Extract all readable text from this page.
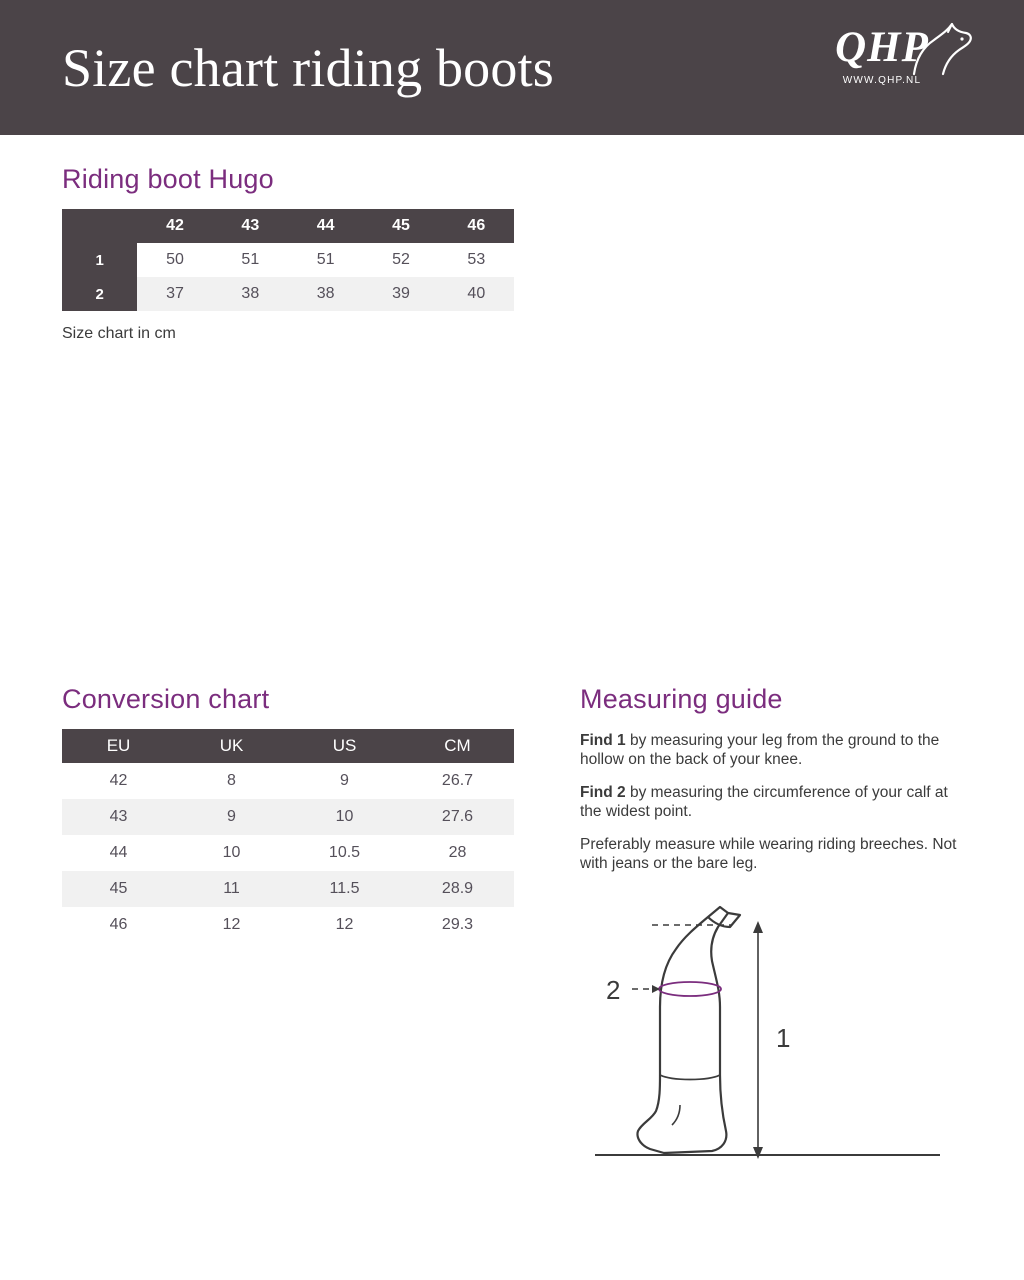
Size chart riding boots	QHP
WWW.QHP.NL
Riding boot Hugo
	42	43	44	45	46
1	50	51	51	52	53
2	37	38	38	39	40
Size chart in cm
Conversion chart
EU	UK	US	CM
42	8	9	26.7
43	9	10	27.6
44	10	10.5	28
45	11	11.5	28.9
46	12	12	29.3
Measuring guide

Find 1 by measuring your leg from the ground to the hollow on the back of your knee.

Find 2 by measuring the circumference of your calf at the widest point.

Preferably measure while wearing riding breeches. Not with jeans or the bare leg.

1
2
